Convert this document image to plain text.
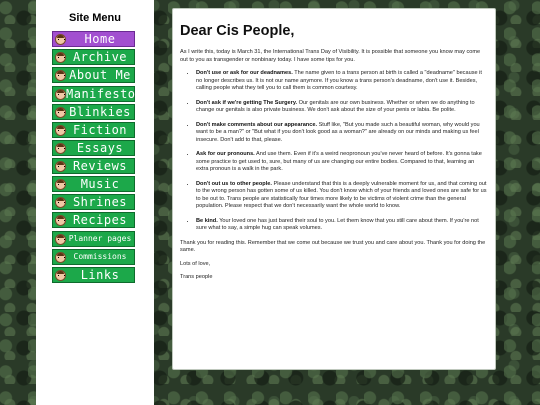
Site Menu
Home
Archive
About Me
Manifesto
Blinkies
Fiction
Essays
Reviews
Music
Shrines
Recipes
Planner pages
Commissions
Links
Dear Cis People,

As I write this, today is March 31, the International Trans Day of Visibility. It is possible that someone you know may come out to you as transgender or nonbinary today. I have some tips for you.

• Don't use or ask for our deadnames. The name given to a trans person at birth is called a "deadname" because it no longer describes us. It is not our name anymore. If you know a trans person's deadname, don't use it. Besides, calling people what they tell you to call them is common courtesy.
• Don't ask if we're getting The Surgery. Our genitals are our own business. Whether or when we do anything to change our genitals is also private business. We don't ask about the size of your penis or labia. Be polite.
• Don't make comments about our appearance. Stuff like, "But you made such a beautiful woman, why would you want to be a man?" or "But what if you don't look good as a woman?" are already on our minds and making us feel insecure. Don't add to that, please.
• Ask for our pronouns. And use them. Even if it's a weird neopronoun you've never heard of before. It's gonna take some practice to get used to, sure, but many of us are changing our entire bodies. Compared to that, learning an extra pronoun is a walk in the park.
• Don't out us to other people. Please understand that this is a deeply vulnerable moment for us, and that coming out to the wrong person has gotten some of us killed. You don't know which of your friends and loved ones are safe for us to be out to. Trans people are statistically four times more likely to be victims of violent crime than the general population. Please respect that we don't necessarily want the whole world to know.
• Be kind. Your loved one has just bared their soul to you. Let them know that you still care about them. If you're not sure what to say, a simple hug can speak volumes.

Thank you for reading this. Remember that we come out because we trust you and care about you. Thank you for doing the same.

Lots of love,

Trans people
